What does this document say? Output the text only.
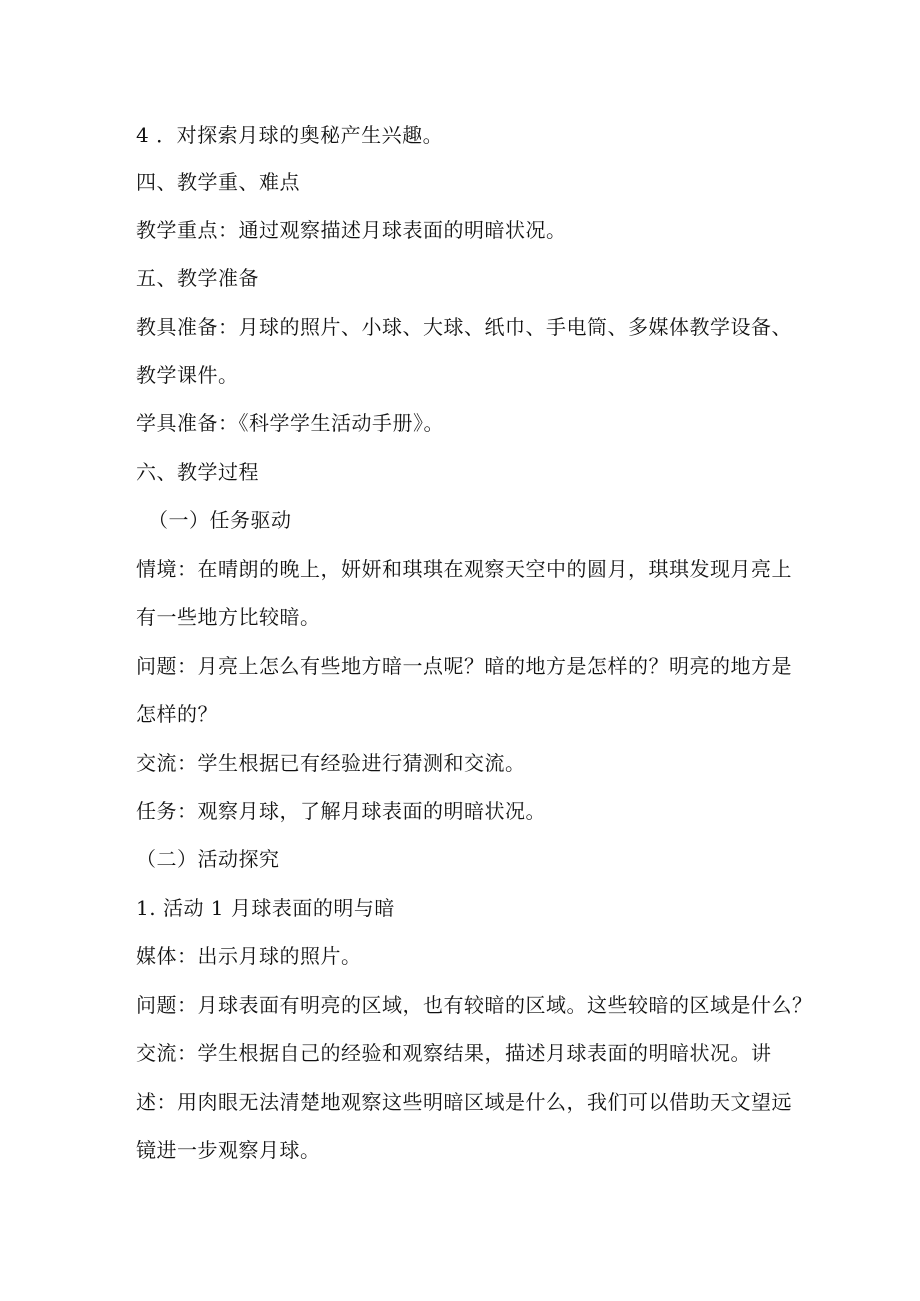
4 ．对探索月球的奥秘产生兴趣。
四、教学重、难点
教学重点：通过观察描述月球表面的明暗状况。
五、教学准备
教具准备：月球的照片、小球、大球、纸巾、手电筒、多媒体教学设备、
教学课件。
学具准备：《科学学生活动手册》。
六、教学过程
（一）任务驱动
情境：在晴朗的晚上，妍妍和琪琪在观察天空中的圆月，琪琪发现月亮上
有一些地方比较暗。
问题：月亮上怎么有些地方暗一点呢？暗的地方是怎样的？明亮的地方是
怎样的？
交流：学生根据已有经验进行猜测和交流。
任务：观察月球，了解月球表面的明暗状况。
（二）活动探究
1. 活动 1 月球表面的明与暗
媒体：出示月球的照片。
问题：月球表面有明亮的区域，也有较暗的区域。这些较暗的区域是什么？
交流：学生根据自己的经验和观察结果，描述月球表面的明暗状况。讲
述：用肉眼无法清楚地观察这些明暗区域是什么，我们可以借助天文望远
镜进一步观察月球。
